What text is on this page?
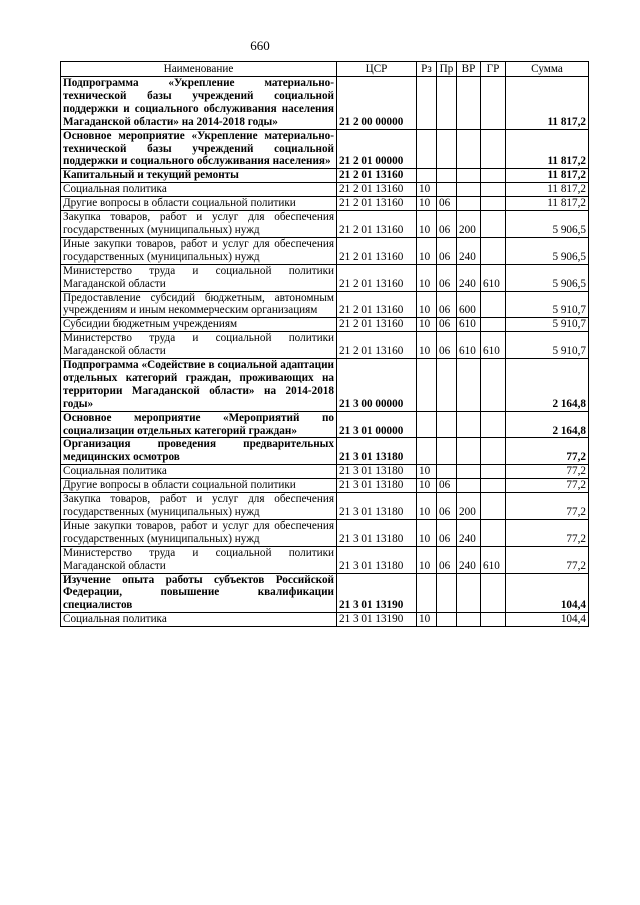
660
Наименование	ЦСР	Рз	Пр	ВР	ГР	Сумма
Подпрограмма «Укрепление материально-технической базы учреждений социальной поддержки и социального обслуживания населения Магаданской области» на 2014-2018 годы»	21 2 00 00000					11 817,2
Основное мероприятие «Укрепление материально-технической базы учреждений социальной поддержки и социального обслуживания населения»	21 2 01 00000					11 817,2
Капитальный и текущий ремонты	21 2 01 13160					11 817,2
Социальная политика	21 2 01 13160	10				11 817,2
Другие вопросы в области социальной политики	21 2 01 13160	10	06			11 817,2
Закупка товаров, работ и услуг для обеспечения государственных (муниципальных) нужд	21 2 01 13160	10	06	200		5 906,5
Иные закупки товаров, работ и услуг для обеспечения государственных (муниципальных) нужд	21 2 01 13160	10	06	240		5 906,5
Министерство труда и социальной политики Магаданской области	21 2 01 13160	10	06	240	610	5 906,5
Предоставление субсидий бюджетным, автономным учреждениям и иным некоммерческим организациям	21 2 01 13160	10	06	600		5 910,7
Субсидии бюджетным учреждениям	21 2 01 13160	10	06	610		5 910,7
Министерство труда и социальной политики Магаданской области	21 2 01 13160	10	06	610	610	5 910,7
Подпрограмма «Содействие в социальной адаптации отдельных категорий граждан, проживающих на территории Магаданской области» на 2014-2018 годы»	21 3 00 00000					2 164,8
Основное мероприятие «Мероприятий по социализации отдельных категорий граждан»	21 3 01 00000					2 164,8
Организация проведения предварительных медицинских осмотров	21 3 01 13180					77,2
Социальная политика	21 3 01 13180	10				77,2
Другие вопросы в области социальной политики	21 3 01 13180	10	06			77,2
Закупка товаров, работ и услуг для обеспечения государственных (муниципальных) нужд	21 3 01 13180	10	06	200		77,2
Иные закупки товаров, работ и услуг для обеспечения государственных (муниципальных) нужд	21 3 01 13180	10	06	240		77,2
Министерство труда и социальной политики Магаданской области	21 3 01 13180	10	06	240	610	77,2
Изучение опыта работы субъектов Российской Федерации, повышение квалификации специалистов	21 3 01 13190					104,4
Социальная политика	21 3 01 13190	10				104,4
